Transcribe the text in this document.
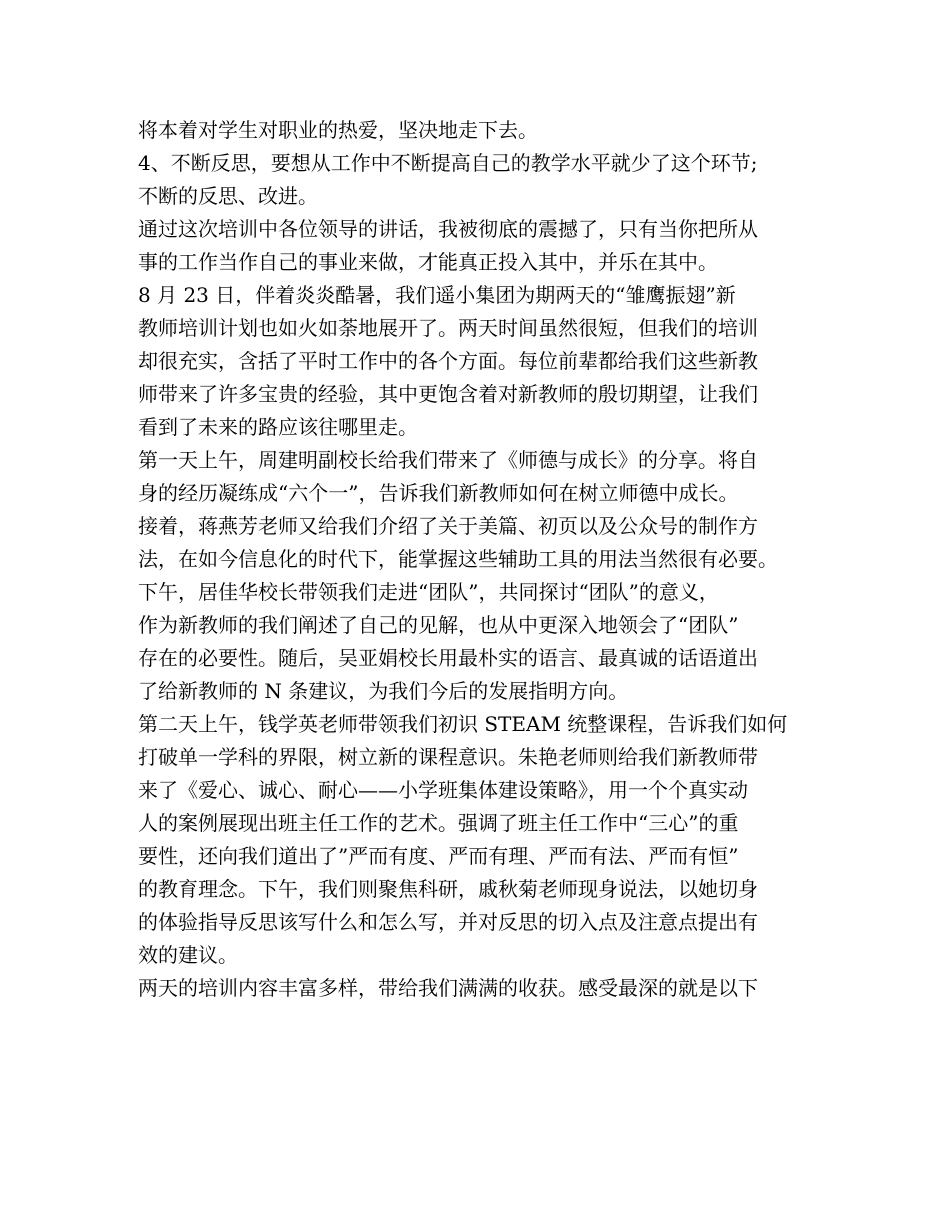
将本着对学生对职业的热爱，坚决地走下去。
4、不断反思，要想从工作中不断提高自己的教学水平就少了这个环节;
不断的反思、改进。
通过这次培训中各位领导的讲话，我被彻底的震撼了，只有当你把所从
事的工作当作自己的事业来做，才能真正投入其中，并乐在其中。
8 月 23 日，伴着炎炎酷暑，我们遥小集团为期两天的“雏鹰振翅”新
教师培训计划也如火如荼地展开了。两天时间虽然很短，但我们的培训
却很充实，含括了平时工作中的各个方面。每位前辈都给我们这些新教
师带来了许多宝贵的经验，其中更饱含着对新教师的殷切期望，让我们
看到了未来的路应该往哪里走。
第一天上午，周建明副校长给我们带来了《师德与成长》的分享。将自
身的经历凝练成“六个一”，告诉我们新教师如何在树立师德中成长。
接着，蒋燕芳老师又给我们介绍了关于美篇、初页以及公众号的制作方
法，在如今信息化的时代下，能掌握这些辅助工具的用法当然很有必要。
下午，居佳华校长带领我们走进“团队”，共同探讨“团队”的意义，
作为新教师的我们阐述了自己的见解，也从中更深入地领会了“团队”
存在的必要性。随后，吴亚娟校长用最朴实的语言、最真诚的话语道出
了给新教师的 N 条建议，为我们今后的发展指明方向。
第二天上午，钱学英老师带领我们初识 STEAM 统整课程，告诉我们如何
打破单一学科的界限，树立新的课程意识。朱艳老师则给我们新教师带
来了《爱心、诚心、耐心——小学班集体建设策略》，用一个个真实动
人的案例展现出班主任工作的艺术。强调了班主任工作中“三心”的重
要性，还向我们道出了”严而有度、严而有理、严而有法、严而有恒”
的教育理念。下午，我们则聚焦科研，戚秋菊老师现身说法，以她切身
的体验指导反思该写什么和怎么写，并对反思的切入点及注意点提出有
效的建议。
两天的培训内容丰富多样，带给我们满满的收获。感受最深的就是以下
